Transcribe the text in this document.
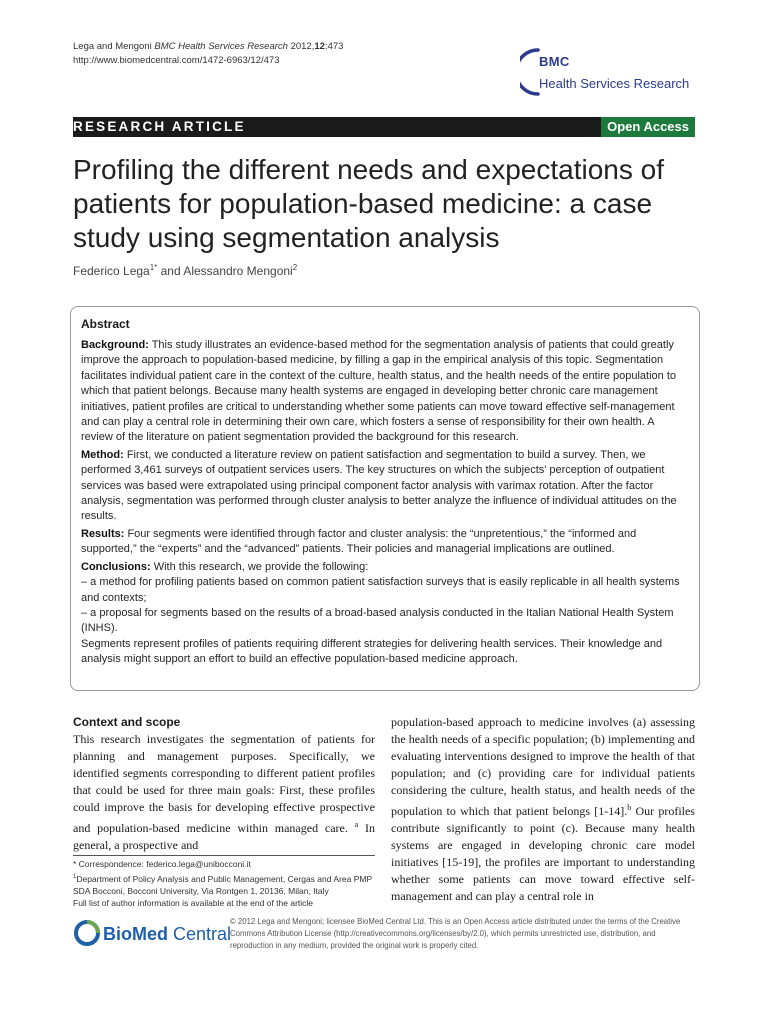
Lega and Mengoni BMC Health Services Research 2012,12:473
http://www.biomedcentral.com/1472-6963/12/473	BMC
Health Services Research
RESEARCH ARTICLE	Open Access
Profiling the different needs and expectations of patients for population-based medicine: a case study using segmentation analysis
Federico Lega$^{1*}$ and Alessandro Mengoni$^2$
Abstract

Background: This study illustrates an evidence-based method for the segmentation analysis of patients that could greatly improve the approach to population-based medicine, by filling a gap in the empirical analysis of this topic. Segmentation facilitates individual patient care in the context of the culture, health status, and the health needs of the entire population to which that patient belongs. Because many health systems are engaged in developing better chronic care management initiatives, patient profiles are critical to understanding whether some patients can move toward effective self-management and can play a central role in determining their own care, which fosters a sense of responsibility for their own health. A review of the literature on patient segmentation provided the background for this research.

Method: First, we conducted a literature review on patient satisfaction and segmentation to build a survey. Then, we performed 3,461 surveys of outpatient services users. The key structures on which the subjects' perception of outpatient services was based were extrapolated using principal component factor analysis with varimax rotation. After the factor analysis, segmentation was performed through cluster analysis to better analyze the influence of individual attitudes on the results.

Results: Four segments were identified through factor and cluster analysis: the “unpretentious,” the “informed and supported,” the “experts” and the “advanced” patients. Their policies and managerial implications are outlined.

Conclusions: With this research, we provide the following:

– a method for profiling patients based on common patient satisfaction surveys that is easily replicable in all health systems and contexts;
– a proposal for segments based on the results of a broad-based analysis conducted in the Italian National Health System (INHS).
Segments represent profiles of patients requiring different strategies for delivering health services. Their knowledge and analysis might support an effort to build an effective population-based medicine approach.
Context and scope
This research investigates the segmentation of patients for planning and management purposes. Specifically, we identified segments corresponding to different patient profiles that could be used for three main goals: First, these profiles could improve the basis for developing effective prospective and population-based medicine within managed care. $^a$ In general, a prospective and
population-based approach to medicine involves (a) assessing the health needs of a specific population; (b) implementing and evaluating interventions designed to improve the health of that population; and (c) providing care for individual patients considering the culture, health status, and health needs of the population to which that patient belongs [1-14].$^b$ Our profiles contribute significantly to point (c). Because many health systems are engaged in developing chronic care model initiatives [15-19], the profiles are important to understanding whether some patients can move toward effective self-management and can play a central role in
* Correspondence: federico.lega@unibocconi.it
$^1$Department of Policy Analysis and Public Management, Cergas and Area PMP SDA Bocconi, Bocconi University, Via Rontgen 1, 20136, Milan, Italy
Full list of author information is available at the end of the article
BioMed Central
© 2012 Lega and Mengoni; licensee BioMed Central Ltd. This is an Open Access article distributed under the terms of the Creative Commons Attribution License (http://creativecommons.org/licenses/by/2.0), which permits unrestricted use, distribution, and reproduction in any medium, provided the original work is properly cited.
